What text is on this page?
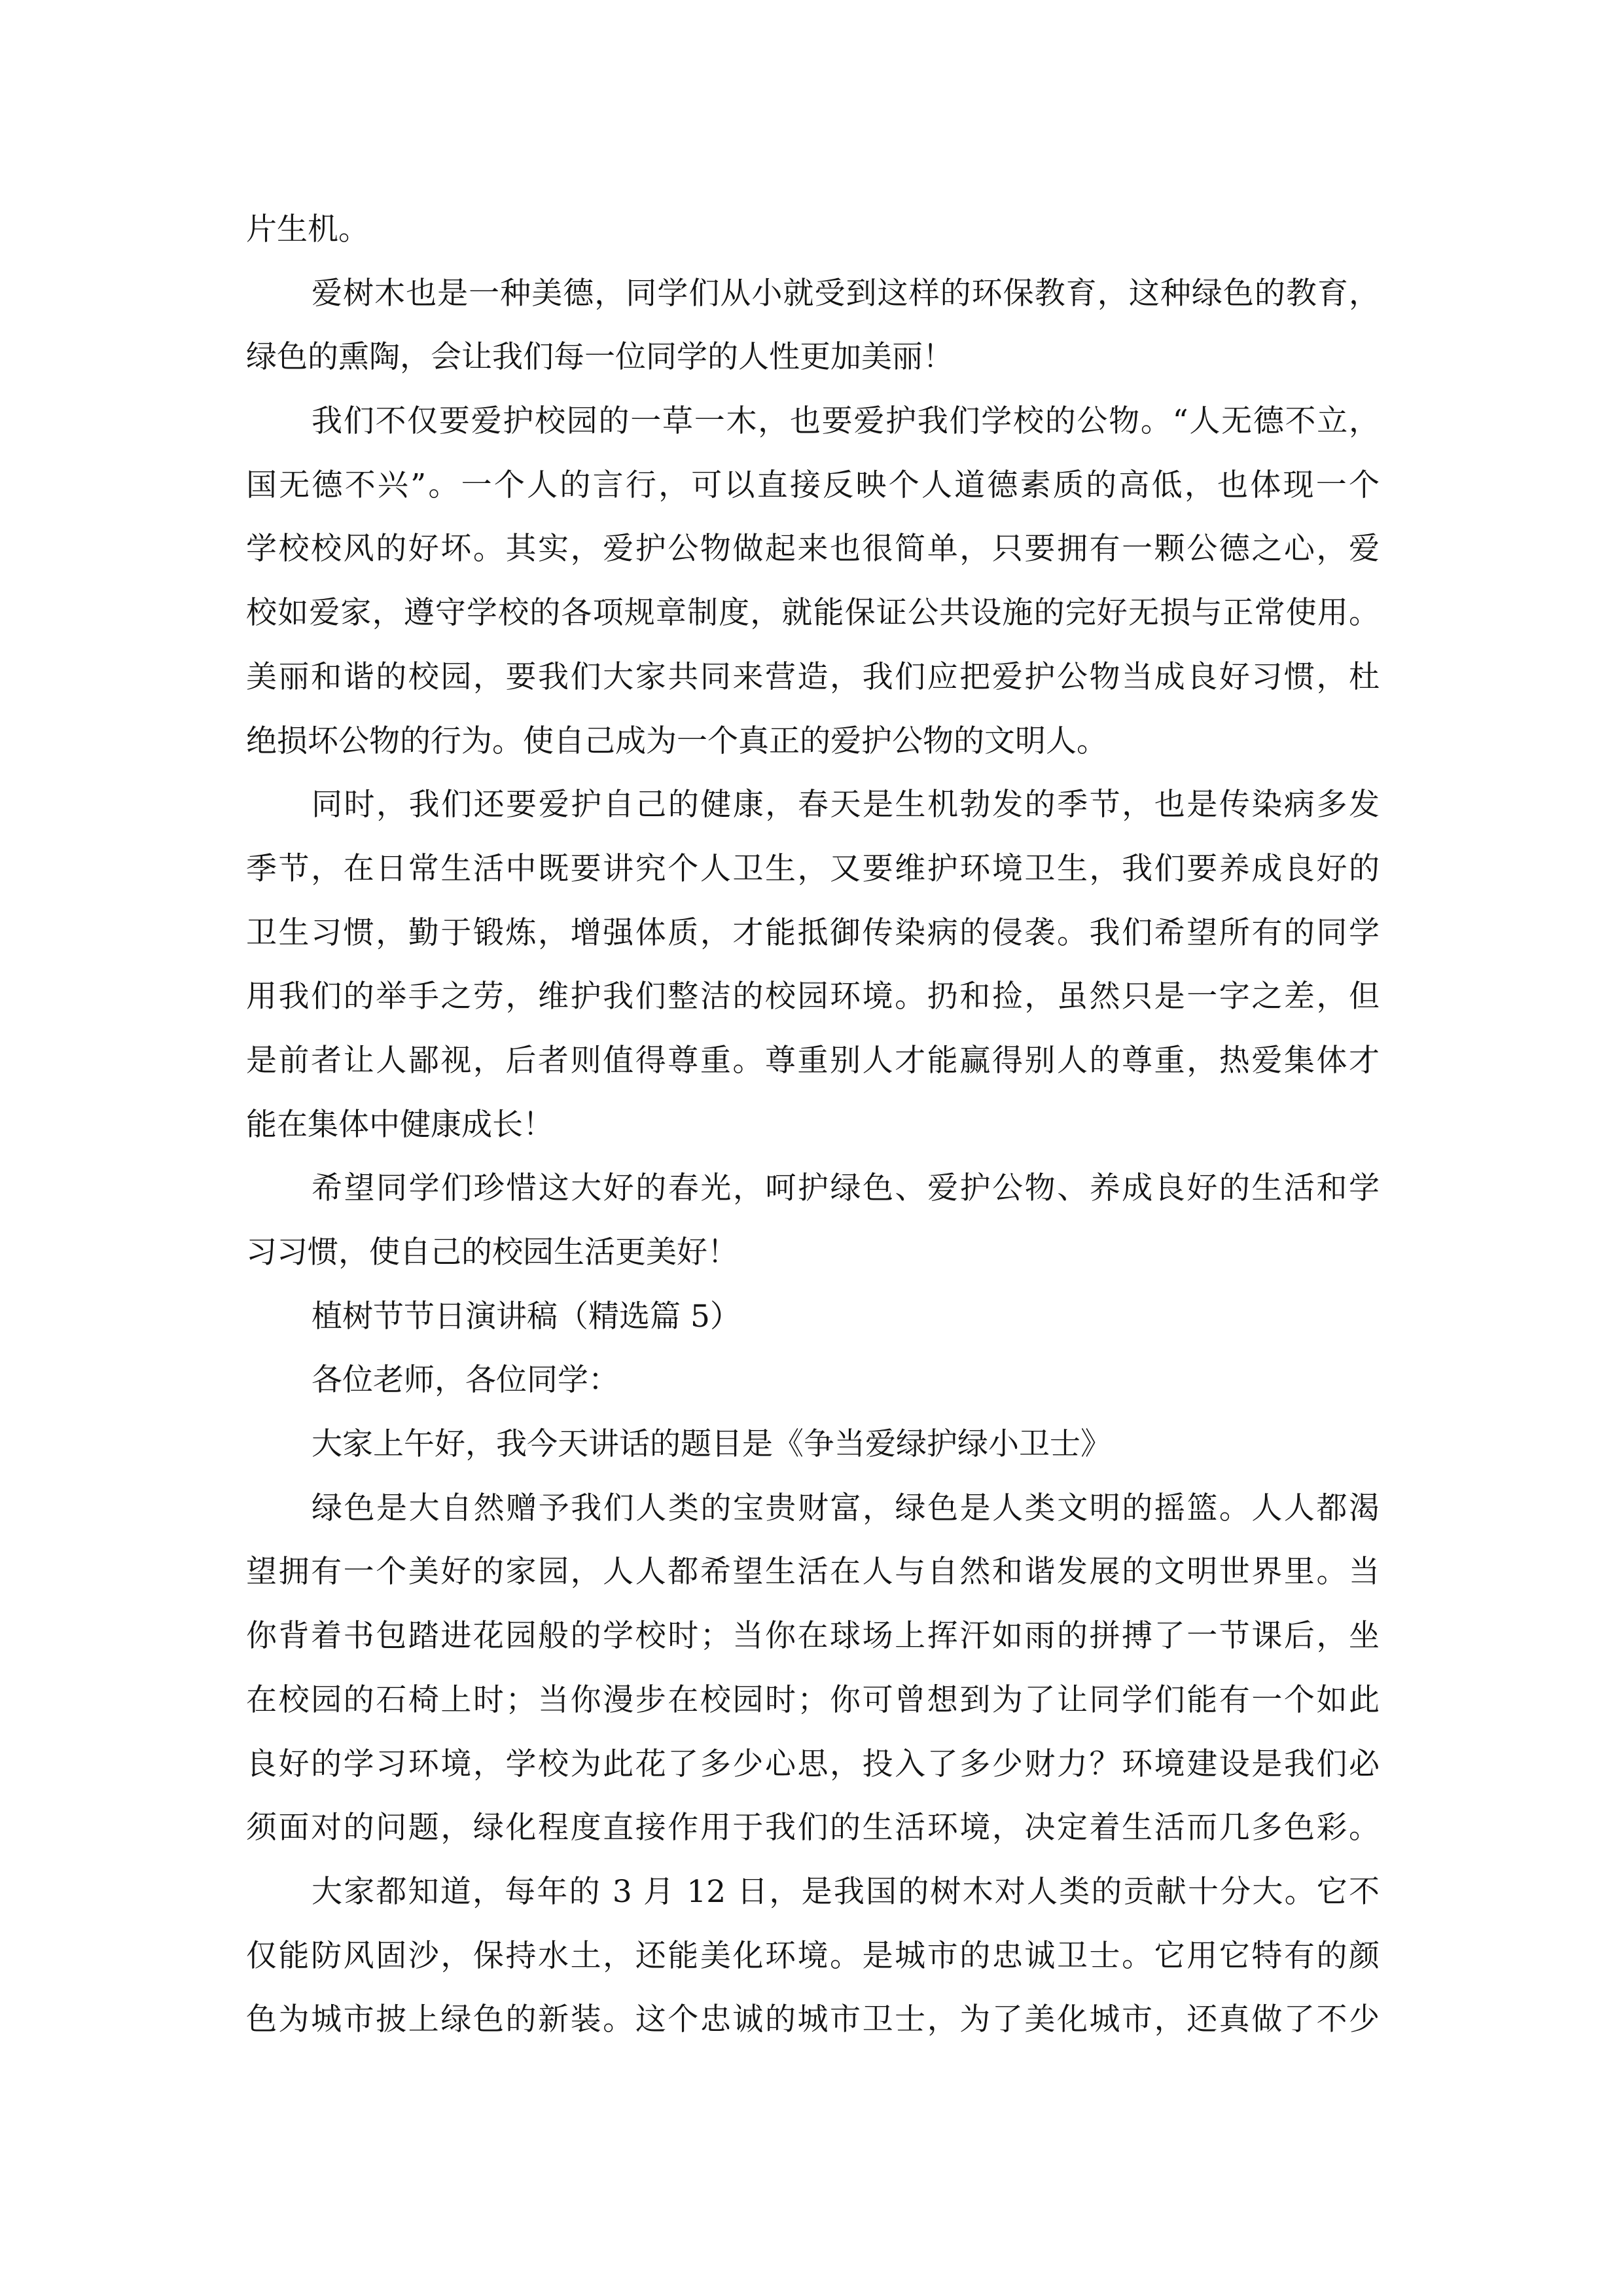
片生机。
爱树木也是一种美德，同学们从小就受到这样的环保教育，这种绿色的教育，
绿色的熏陶，会让我们每一位同学的人性更加美丽！
我们不仅要爱护校园的一草一木，也要爱护我们学校的公物。“人无德不立，
国无德不兴”。一个人的言行，可以直接反映个人道德素质的高低，也体现一个
学校校风的好坏。其实，爱护公物做起来也很简单，只要拥有一颗公德之心，爱
校如爱家，遵守学校的各项规章制度，就能保证公共设施的完好无损与正常使用。
美丽和谐的校园，要我们大家共同来营造，我们应把爱护公物当成良好习惯，杜
绝损坏公物的行为。使自己成为一个真正的爱护公物的文明人。
同时，我们还要爱护自己的健康，春天是生机勃发的季节，也是传染病多发
季节，在日常生活中既要讲究个人卫生，又要维护环境卫生，我们要养成良好的
卫生习惯，勤于锻炼，增强体质，才能抵御传染病的侵袭。我们希望所有的同学
用我们的举手之劳，维护我们整洁的校园环境。扔和捡，虽然只是一字之差，但
是前者让人鄙视，后者则值得尊重。尊重别人才能赢得别人的尊重，热爱集体才
能在集体中健康成长！
希望同学们珍惜这大好的春光，呵护绿色、爱护公物、养成良好的生活和学
习习惯，使自己的校园生活更美好！
植树节节日演讲稿（精选篇 5）
各位老师，各位同学：
大家上午好，我今天讲话的题目是《争当爱绿护绿小卫士》
绿色是大自然赠予我们人类的宝贵财富，绿色是人类文明的摇篮。人人都渴
望拥有一个美好的家园，人人都希望生活在人与自然和谐发展的文明世界里。当
你背着书包踏进花园般的学校时；当你在球场上挥汗如雨的拼搏了一节课后，坐
在校园的石椅上时；当你漫步在校园时；你可曾想到为了让同学们能有一个如此
良好的学习环境，学校为此花了多少心思，投入了多少财力？环境建设是我们必
须面对的问题，绿化程度直接作用于我们的生活环境，决定着生活而几多色彩。
大家都知道，每年的 3 月 12 日，是我国的树木对人类的贡献十分大。它不
仅能防风固沙，保持水土，还能美化环境。是城市的忠诚卫士。它用它特有的颜
色为城市披上绿色的新装。这个忠诚的城市卫士，为了美化城市，还真做了不少
